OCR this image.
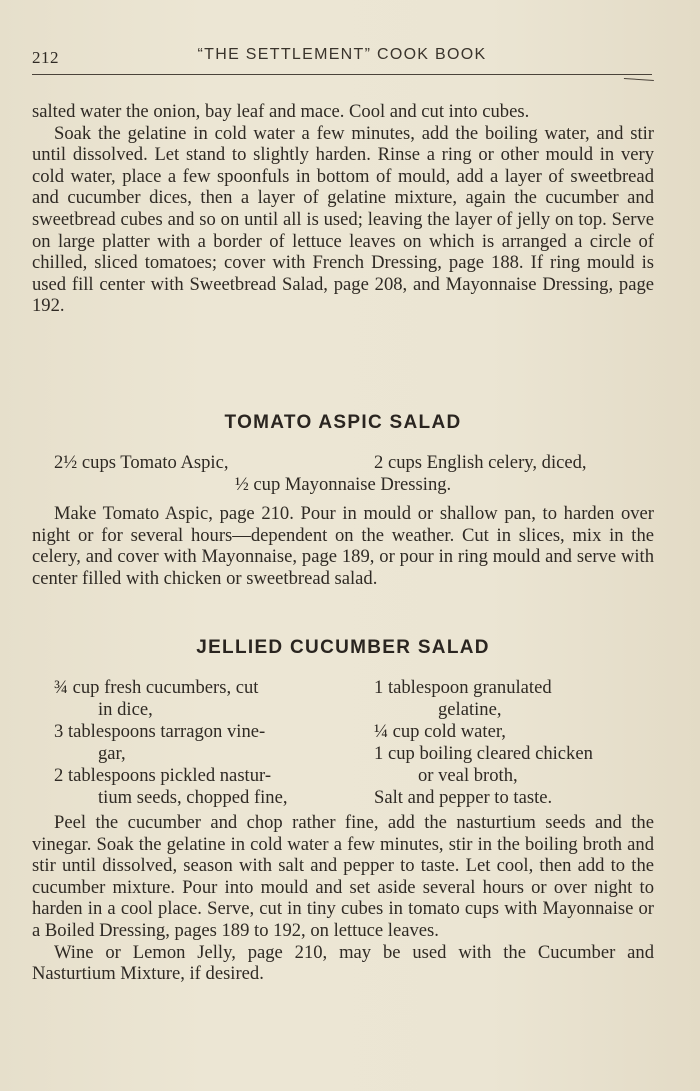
212	“THE SETTLEMENT” COOK BOOK

salted water the onion, bay leaf and mace. Cool and cut into cubes.

Soak the gelatine in cold water a few minutes, add the boiling water, and stir until dissolved. Let stand to slightly harden. Rinse a ring or other mould in very cold water, place a few spoonfuls in bottom of mould, add a layer of sweetbread and cucumber dices, then a layer of gelatine mixture, again the cucumber and sweetbread cubes and so on until all is used; leaving the layer of jelly on top. Serve on large platter with a border of lettuce leaves on which is arranged a circle of chilled, sliced tomatoes; cover with French Dressing, page 188. If ring mould is used fill center with Sweetbread Salad, page 208, and Mayonnaise Dressing, page 192.

TOMATO ASPIC SALAD
2½ cups Tomato Aspic,	2 cups English celery, diced,
½ cup Mayonnaise Dressing.

Make Tomato Aspic, page 210. Pour in mould or shallow pan, to harden over night or for several hours—dependent on the weather. Cut in slices, mix in the celery, and cover with Mayonnaise, page 189, or pour in ring mould and serve with center filled with chicken or sweetbread salad.

JELLIED CUCUMBER SALAD
¾ cup fresh cucumbers, cut
in dice,
3 tablespoons tarragon vine-
gar,
2 tablespoons pickled nastur-
tium seeds, chopped fine,
1 tablespoon granulated
gelatine,
¼ cup cold water,
1 cup boiling cleared chicken
or veal broth,
Salt and pepper to taste.

Peel the cucumber and chop rather fine, add the nasturtium seeds and the vinegar. Soak the gelatine in cold water a few minutes, stir in the boiling broth and stir until dissolved, season with salt and pepper to taste. Let cool, then add to the cucumber mixture. Pour into mould and set aside several hours or over night to harden in a cool place. Serve, cut in tiny cubes in tomato cups with Mayonnaise or a Boiled Dressing, pages 189 to 192, on lettuce leaves.

Wine or Lemon Jelly, page 210, may be used with the Cucumber and Nasturtium Mixture, if desired.
